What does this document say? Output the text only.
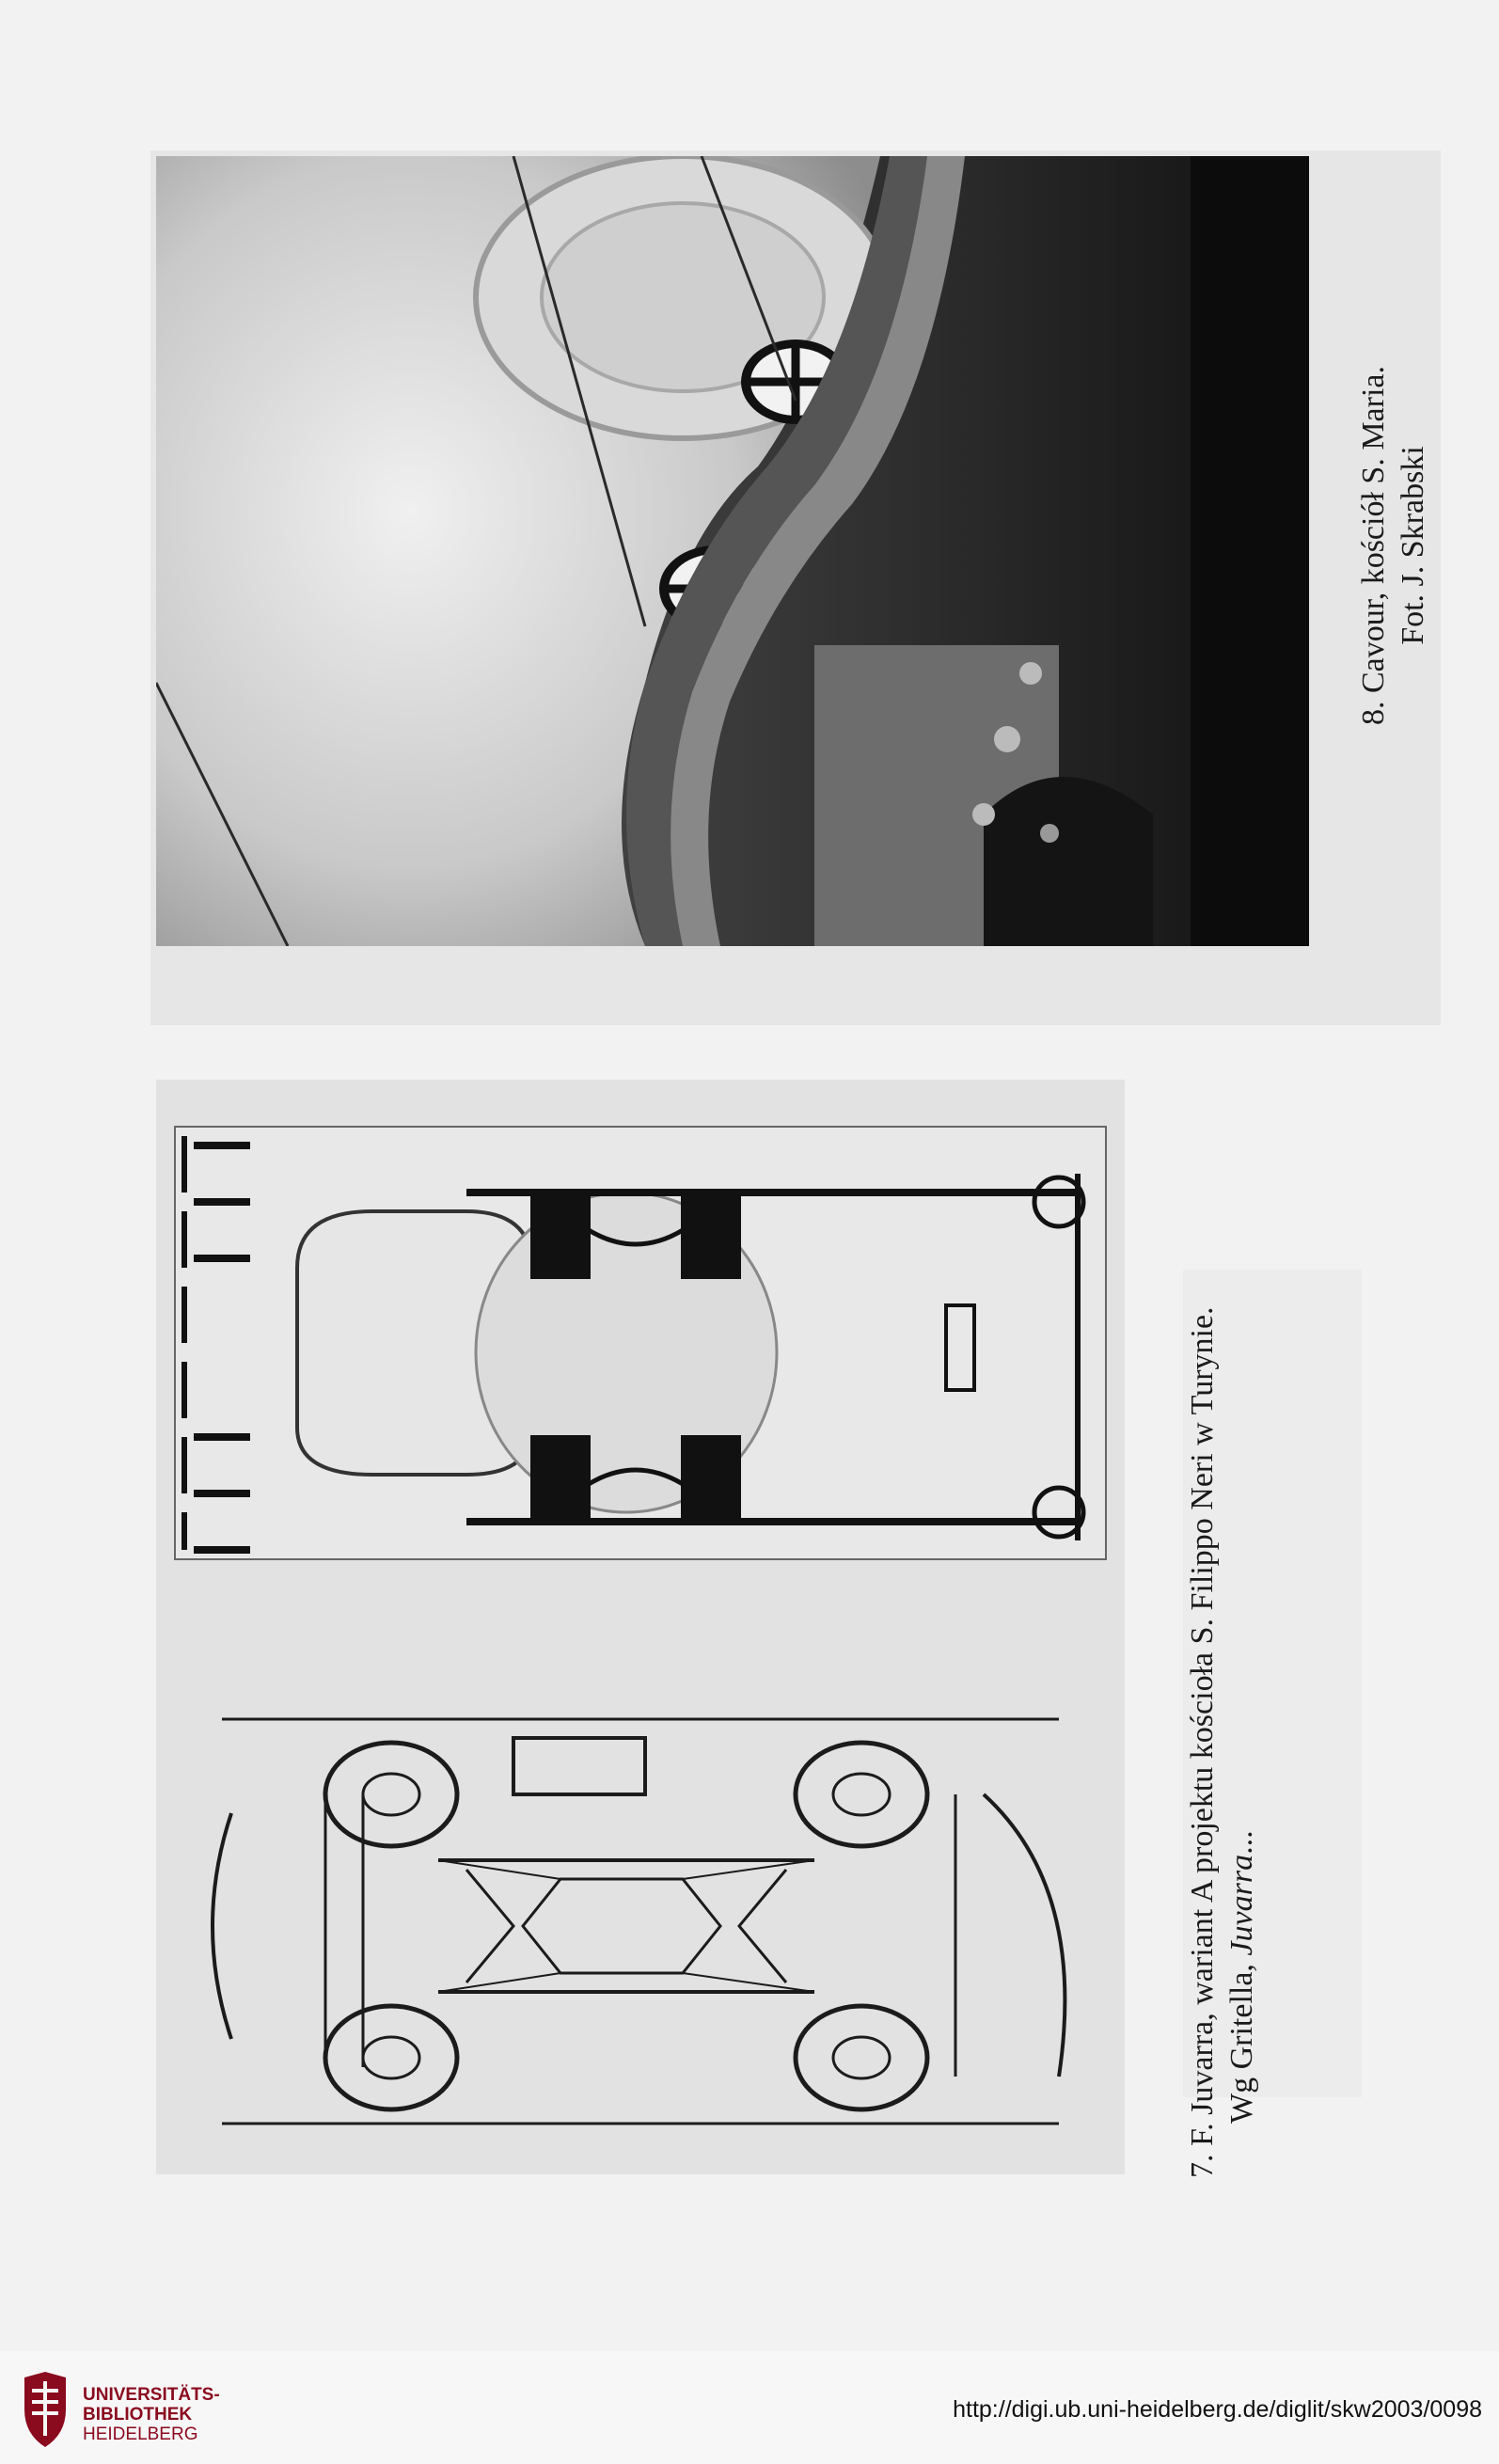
8. Cavour, kościół S. Maria. Fot. J. Skrabski
7. F. Juvarra, wariant A projektu kościoła S. Filippo Neri w Turynie. Wg Gritella, Juvarra...
UNIVERSITÄTS-
BIBLIOTHEK
HEIDELBERG
http://digi.ub.uni-heidelberg.de/diglit/skw2003/0098
